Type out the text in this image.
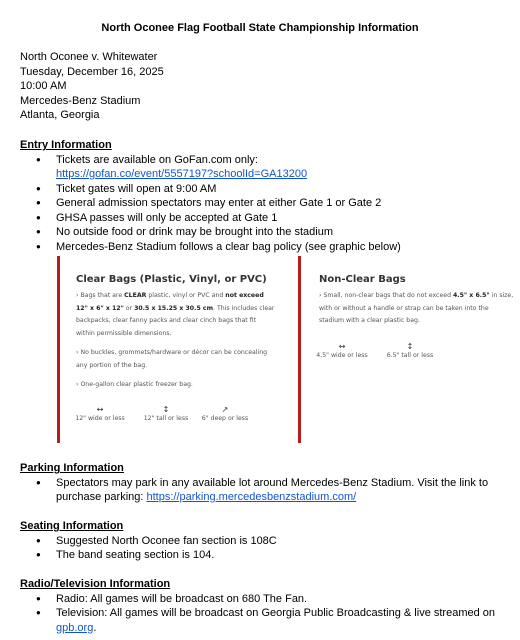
North Oconee Flag Football State Championship Information
North Oconee v. Whitewater
Tuesday, December 16, 2025
10:00 AM
Mercedes-Benz Stadium
Atlanta, Georgia
Entry Information
● Tickets are available on GoFan.com only:
https://gofan.co/event/5557197?schoolId=GA13200
● Ticket gates will open at 9:00 AM
● General admission spectators may enter at either Gate 1 or Gate 2
● GHSA passes will only be accepted at Gate 1
● No outside food or drink may be brought into the stadium
● Mercedes-Benz Stadium follows a clear bag policy (see graphic below)
Clear Bags (Plastic, Vinyl, or PVC)
› Bags that are CLEAR plastic, vinyl or PVC and not exceed 12" x 6" x 12" or 30.5 x 15.25 x 30.5 cm. This includes clear backpacks, clear fanny packs and clear cinch bags that fit within permissible dimensions.
› No buckles, grommets/hardware or décor can be concealing any portion of the bag.
› One-gallon clear plastic freezer bag.
↔
12" wide or less
↕
12" tall or less
↗
6" deep or less
Non-Clear Bags
› Small, non-clear bags that do not exceed 4.5" x 6.5" in size, with or without a handle or strap can be taken into the stadium with a clear plastic bag.
↔
4.5" wide or less
↕
6.5" tall or less
Parking Information
● Spectators may park in any available lot around Mercedes-Benz Stadium. Visit the link to purchase parking: https://parking.mercedesbenzstadium.com/
Seating Information
● Suggested North Oconee fan section is 108C
● The band seating section is 104.
Radio/Television Information
● Radio: All games will be broadcast on 680 The Fan.
● Television: All games will be broadcast on Georgia Public Broadcasting & live streamed on gpb.org.
